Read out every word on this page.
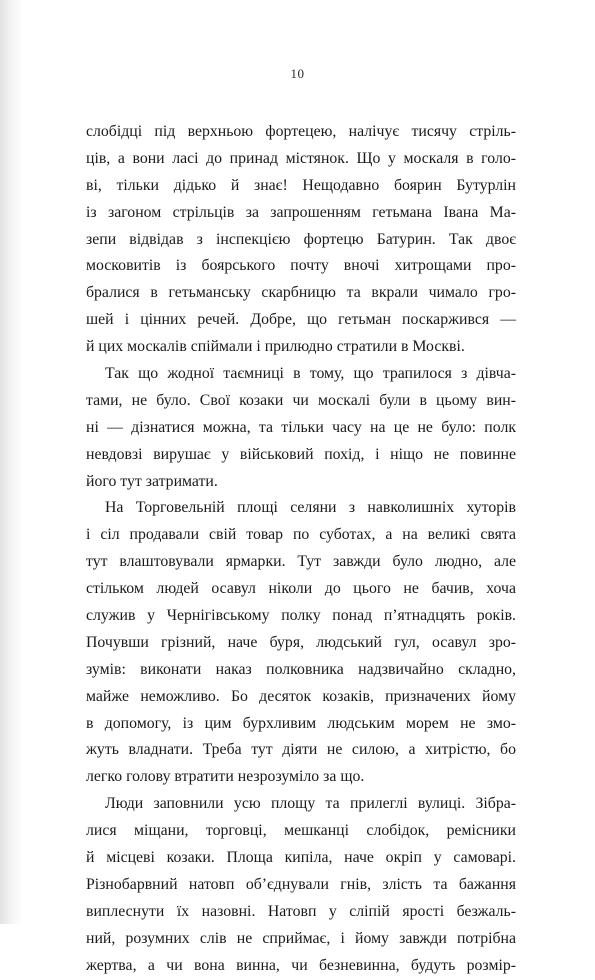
10
слобідці під верхньою фортецею, налічує тисячу стріль-
ців, а вони ласі до принад містянок. Що у москаля в голо-
ві, тільки дідько й знає! Нещодавно боярин Бутурлін
із загоном стрільців за запрошенням гетьмана Івана Ма-
зепи відвідав з інспекцією фортецю Батурин. Так двоє
московитів із боярського почту вночі хитрощами про-
бралися в гетьманську скарбницю та вкрали чимало гро-
шей і цінних речей. Добре, що гетьман поскаржився —
й цих москалів спіймали і прилюдно стратили в Москві.
Так що жодної таємниці в тому, що трапилося з дівча-
тами, не було. Свої козаки чи москалі були в цьому вин-
ні — дізнатися можна, та тільки часу на це не було: полк
невдовзі вирушає у військовий похід, і ніщо не повинне
його тут затримати.
На Торговельній площі селяни з навколишніх хуторів
і сіл продавали свій товар по суботах, а на великі свята
тут влаштовували ярмарки. Тут завжди було людно, але
стільком людей осавул ніколи до цього не бачив, хоча
служив у Чернігівському полку понад п’ятнадцять років.
Почувши грізний, наче буря, людський гул, осавул зро-
зумів: виконати наказ полковника надзвичайно складно,
майже неможливо. Бо десяток козаків, призначених йому
в допомогу, із цим бурхливим людським морем не змо-
жуть владнати. Треба тут діяти не силою, а хитрістю, бо
легко голову втратити незрозуміло за що.
Люди заповнили усю площу та прилеглі вулиці. Зібра-
лися міщани, торговці, мешканці слобідок, ремісники
й місцеві козаки. Площа кипіла, наче окріп у самоварі.
Різнобарвний натовп об’єднували гнів, злість та бажання
виплеснути їх назовні. Натовп у сліпій ярості безжаль-
ний, розумних слів не сприймає, і йому завжди потрібна
жертва, а чи вона винна, чи безневинна, будуть розмір-
